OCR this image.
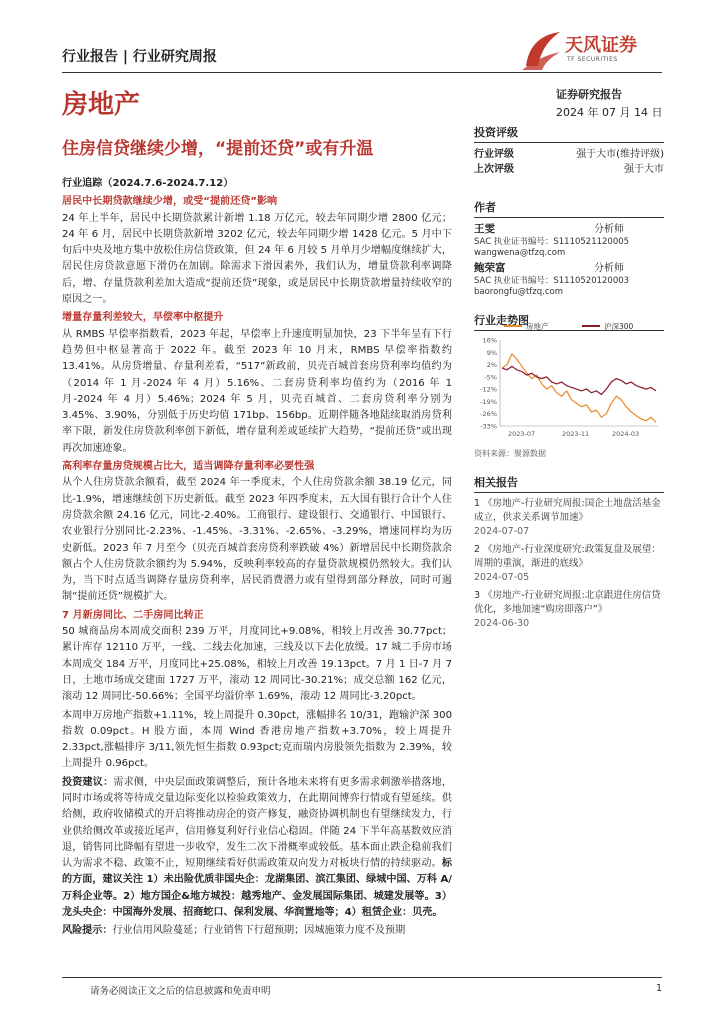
行业报告 | 行业研究周报
天风证券
TF SECURITIES
房地产	证券研究报告
2024 年 07 月 14 日
住房信贷继续少增，“提前还贷”或有升温
行业追踪（2024.7.6-2024.7.12）
居民中长期贷款继续少增，或受“提前还贷”影响

24 年上半年，居民中长期贷款累计新增 1.18 万亿元，较去年同期少增 2800 亿元；24 年 6 月，居民中长期贷款新增 3202 亿元，较去年同期少增 1428 亿元。5 月中下旬后中央及地方集中放松住房信贷政策，但 24 年 6 月较 5 月单月少增幅度继续扩大，居民住房贷款意愿下滑仍在加剧。除需求下滑因素外，我们认为，增量贷款利率调降后，增、存量贷款利差加大造成“提前还贷”现象，或是居民中长期贷款增量持续收窄的原因之一。

增量存量利差较大，早偿率中枢提升

从 RMBS 早偿率指数看，2023 年起，早偿率上升速度明显加快，23 下半年呈有下行趋势但中枢显著高于 2022 年。截至 2023 年 10 月末，RMBS 早偿率指数约 13.41%。从房贷增量、存量利差看，“517”新政前，贝壳百城首套房贷利率均值约为（2014 年 1 月-2024 年 4 月）5.16%、二套房贷利率均值约为（2016 年 1 月-2024 年 4 月）5.46%；2024 年 5 月，贝壳百城首、二套房贷利率分别为 3.45%、3.90%，分别低于历史均值 171bp、156bp。近期伴随各地陆续取消房贷利率下限，新发住房贷款利率创下新低，增存量利差或延续扩大趋势，“提前还贷”或出现再次加速迹象。

高利率存量房贷规模占比大，适当调降存量利率必要性强

从个人住房贷款余额看，截至 2024 年一季度末，个人住房贷款余额 38.19 亿元，同比-1.9%，增速继续创下历史新低。截至 2023 年四季度末，五大国有银行合计个人住房贷款余额 24.16 亿元，同比-2.40%。工商银行、建设银行、交通银行、中国银行、农业银行分别同比-2.23%、-1.45%、-3.31%、-2.65%、-3.29%，增速同样均为历史新低。2023 年 7 月至今（贝壳百城首套房贷利率跌破 4%）新增居民中长期贷款余额占个人住房贷款余额约为 5.94%，反映利率较高的存量贷款规模仍然较大。我们认为，当下时点适当调降存量房贷利率，居民消费潜力或有望得到部分释放，同时可遏制“提前还贷”规模扩大。

7 月新房同比、二手房同比转正

50 城商品房本周成交面积 239 万平，月度同比+9.08%，相较上月改善 30.77pct；累计库存 12110 万平，一线、二线去化加速，三线及以下去化放缓。17 城二手房市场本周成交 184 万平，月度同比+25.08%，相较上月改善 19.13pct。7 月 1 日-7 月 7 日，土地市场成交建面 1727 万平，滚动 12 周同比-30.21%；成交总额 162 亿元，滚动 12 周同比-50.66%；全国平均溢价率 1.69%，滚动 12 周同比-3.20pct。

本周申万房地产指数+1.11%，较上周提升 0.30pct，涨幅排名 10/31，跑输沪深 300 指数 0.09pct。H 股方面，本周 Wind 香港房地产指数+3.70%，较上周提升 2.33pct,涨幅排序 3/11,领先恒生指数 0.93pct;克而瑞内房股领先指数为 2.39%，较上周提升 0.96pct。

投资建议：需求侧，中央层面政策调整后，预计各地未来将有更多需求刺激举措落地，同时市场或将等待成交量边际变化以检验政策效力，在此期间博弈行情或有望延续。供给侧，政府收储模式的开启将推动房企的资产修复，融资协调机制也有望继续发力，行业供给侧改革或接近尾声，信用修复利好行业信心稳固。伴随 24 下半年高基数效应消退，销售同比降幅有望进一步收窄，发生二次下滑概率或较低。基本面止跌企稳前我们认为需求不稳、政策不止，短期继续看好供需政策双向发力对板块行情的持续驱动。标的方面，建议关注 1）未出险优质非国央企：龙湖集团、滨江集团、绿城中国、万科 A/万科企业等。2）地方国企&地方城投：越秀地产、金发展国际集团、城建发展等。3）龙头央企：中国海外发展、招商蛇口、保利发展、华润置地等；4）租赁企业：贝壳。

风险提示：行业信用风险蔓延；行业销售下行超预期；因城施策力度不及预期

投资评级
行业评级	强于大市(维持评级)
上次评级	强于大市
作者
王雯	分析师
SAC 执业证书编号：S1110521120005
wangwena@tfzq.com
鲍荣富	分析师
SAC 执业证书编号：S1110520120003
baorongfu@tfzq.com
行业走势图
房地产	沪深300
16%
9%
2%
-5%
-12%
-19%
-26%
-33%
2023-07	2023-11	2024-03
资料来源：聚源数据
相关报告
1 《房地产-行业研究周报:国企土地盘活基金成立，供求关系调节加速》
2024-07-07
2 《房地产-行业深度研究:政策复盘及展望：周期的重演，渐进的底线》
2024-07-05
3 《房地产-行业研究周报:北京跟进住房信贷优化，多地加速“购房即落户”》
2024-06-30
请务必阅读正文之后的信息披露和免责申明	1
